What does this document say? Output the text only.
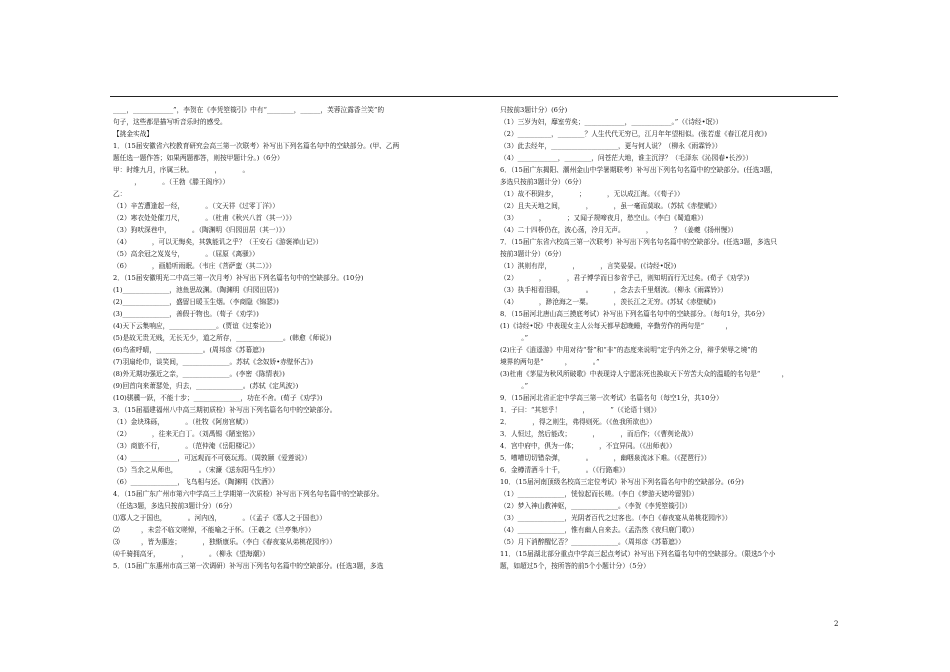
____，____________”，李贺在《李凭箜篌引》中有“________，______，芙蓉泣露香兰笑”的
句子，这些都是描写听音乐时的感受。
【挑金实战】
1．（15届安徽省六校教育研究会高三第一次联考）补写出下列名篇名句中的空缺部分。(甲、乙两
题任选一题作答；如果两题都答，则按甲题计分。)（6分）
甲：时维九月，序属三秋。          ，          。
，          。（王勃《滕王阁序》）
乙：
（1）辛苦遭逢起一经，          。（文天祥《过零丁洋》）
（2）寒衣处处催刀尺，          。（杜甫《秋兴八首（其一）》）
（3）狗吠深巷中，          。（陶渊明《归园田居（其一）》）
（4）          ，可以无悔矣，其孰能讥之乎？（王安石《游褒禅山记》）
（5）高余冠之岌岌兮，          。（屈原《离骚》）
（6）          ，画船听雨眠。（韦庄《菩萨蛮（其二）》）
2．（15届安徽明光二中高三第一次月考）补写出下列名篇名句中的空缺部分。(10分)
(1)______________，池鱼思故渊。（陶渊明《归园田居》)
(2)______________，盛留日暖玉生烟。（李商隐《锦瑟》)
(3)______________，善假于物也。（荀子《劝学》)
(4)天下云集响应，______________。(贾谊《过秦论》)
(5)是故无贵无贱，无长无少，道之所存，______________。(韩愈《师说》)
(6)鸟雀呼晴，______________。(周邦彦《苏幕遮》)
(7)羽扇纶巾，谈笑间，______________。苏轼《念奴娇•赤壁怀古》)
(8)外无期功强近之亲，______________。(李密《陈情表》)
(9)回首向来萧瑟处，归去，______________。(苏轼《定风波》)
(10)骐骥一跃，不能十步；______________，功在不舍。(荀子《劝学》)
3．（15届福建福州八中高三期初质检）补写出下列名篇名句中的空缺部分。
（1）金块珠砾，          。（杜牧《阿房宫赋》）
（2）          ，往来无白丁。（刘禹锡《陋室铭》）
（3）商旅不行，          。（范仲淹《岳阳楼记》）
（4）______________，可远观而不可亵玩焉。（周敦颐《爱莲说》）
（5）当余之从师也，          。（宋濂《送东阳马生序》）
（6）______________，飞鸟相与还。（陶渊明《饮酒》）
4．（15届广东广州市第六中学高三上学期第一次质检）补写出下列名句名篇中的空缺部分。
（任选3题，多选只按前3题计分）（6分）
⑴寡人之于国也，          。河内凶，          。（《孟子《寡人之于国也》）
⑵          ，未尝不临文嗟悼，不能喻之于怀。（王羲之《兰亭集序》）
⑶          ，皆为惠连；          ，独惭康乐。（李白《春夜宴从弟桃花园序》）
⑷千骑拥高牙，          ，          。（柳永《望海潮》）
5．（15届广东惠州市高三第一次调研）补写出下列名句名篇中的空缺部分。(任选3题，多选
只按前3题计分）(6分)
（1）三岁为妇，靡室劳矣；____________，____________。”（《诗经•氓》）
（2）__________，________？人生代代无穷已，江月年年望相似。(张若虚《春江花月夜》)
（3）此去经年，____________________，更与何人说？（柳永《雨霖铃》）
（4）____________，________，问苍茫大地，谁主沉浮？（毛泽东《沁园春•长沙》）
6．（15届广东揭阳、潮州金山中学暑期联考）补写出下列名句名篇中的空缺部分。(任选3题，
多选只按前3题计分）（6分）
（1）故不积跬步，          ；          ，无以成江海。（《荀子》）
（2）且夫天地之间，          ，          ，虽一毫而莫取。（苏轼《赤壁赋》）
（3）          ，          ；又闻子规啼夜月，愁空山。（李白《蜀道难》）
（4）二十四桥仍在，波心荡，冷月无声。          ，          ？（姜夔《扬州慢》）
7．（15届广东省六校高三第一次联考）补写出下列名句名篇中的空缺部分。(任选3题，多选只
按前3题计分）（6分）
（1）淇则有岸，          ，          ，言笑晏晏。(《诗经•氓》)
（2）          ，          ，君子博学而日参省乎己，则知明而行无过矣。(荀子《劝学》)
（3）执手相看泪眼，          。          ，念去去千里烟波。（柳永《雨霖铃》）
（4）          ，渺沧海之一粟。          ，羡长江之无穷。(苏轼《赤壁赋》)
8．（15届河北唐山高三摸底考试）补写出下列名篇名句中的空缺部分。（每句1分，共6分）
(1)《诗经•氓》中表现女主人公每天都早起晚睡，辛勤劳作的两句是“          ，
。”
(2)庄子《逍遥游》中用对待“誉”和“非”的态度来说明“定乎内外之分，辩乎荣辱之境”的
境界的两句是“          ，          。”
(3)杜甫《茅屋为秋风所破歌》中表现诗人宁愿冻死也换取天下劳苦大众的温暖的名句是“          ，
。”
9．（15届河北省正定中学高三第一次考试）名篇名句（每空1分，共10分）
1．子曰：“其恕乎！          ，          ”（《论语十则》）
2．          ，得之则生，弗得则死。（《鱼我所欲也》）
3．人恒过，然后能改；          ，          ，而后作；（《曹刿论战》）
4．宫中府中，俱为一体；          ，不宜异同。（《出师表》）
5．嘈嘈切切错杂弹，          。          ，幽咽泉流冰下难。（《琵琶行》）
6．金樽清酒斗十千，          。（《行路难》）
10．（15届河南顶级名校高三定位考试）补写出下列名篇名句中的空缺部分。(6分)
（1）______________，恍惊起而长嗟。（李白《梦游天姥吟留别》）
（2）梦入神山教神妪，______________。（李贺《李凭箜篌引》）
（3）______________，光阴者百代之过客也。（李白《春夜宴从弟桃花园序》）
（4）______________，惟有幽人自来去。（孟浩然《夜归鹿门歌》）
（5）月下消醉醒忆否？______________。（周邦彦《苏幕遮》）
11．（15届湖北部分重点中学高三起点考试）补写出下列名篇名句中的空缺部分。（限选5个小
题，如超过5个，按所答的前5个小题计分）（5分）
2
